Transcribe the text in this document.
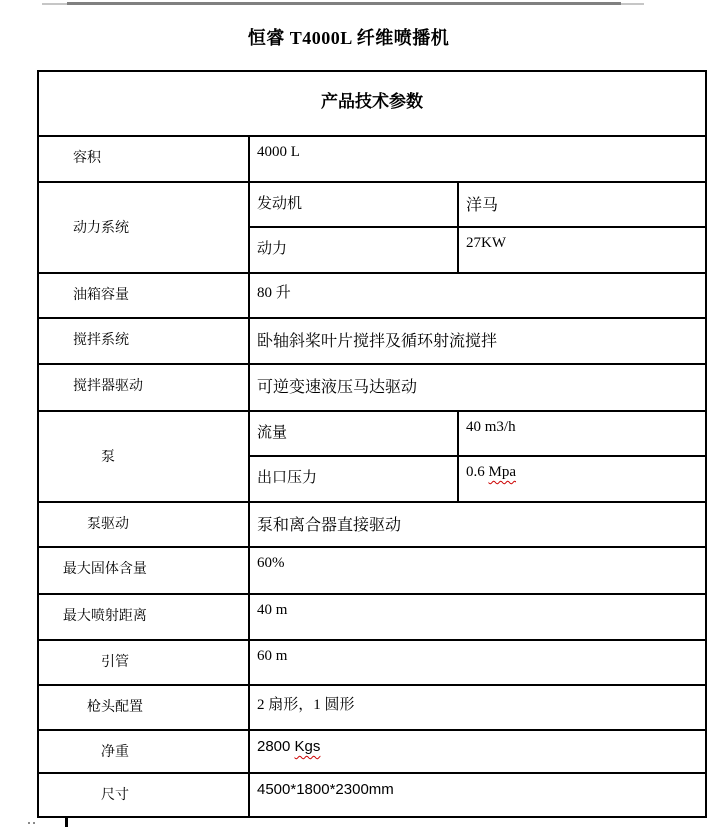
恒睿 T4000L 纤维喷播机
产品技术参数		
　　容积	4000 L	
　　动力系统	发动机	洋马
	动力	27KW
　　油箱容量	80 升	
　　搅拌系统	卧轴斜桨叶片搅拌及循环射流搅拌	
　　搅拌器驱动	可逆变速液压马达驱动	
　　　　泵	流量	40 m3/h
	出口压力	0.6 Mpa
　　　泵驱动	泵和离合器直接驱动	
　 最大固体含量	60%	
　 最大喷射距离	40 m	
　　　　引管	60 m	
　　　枪头配置	2 扇形，1 圆形	
　　　　净重	2800 Kgs	
　　　　尺寸	4500*1800*2300mm	
